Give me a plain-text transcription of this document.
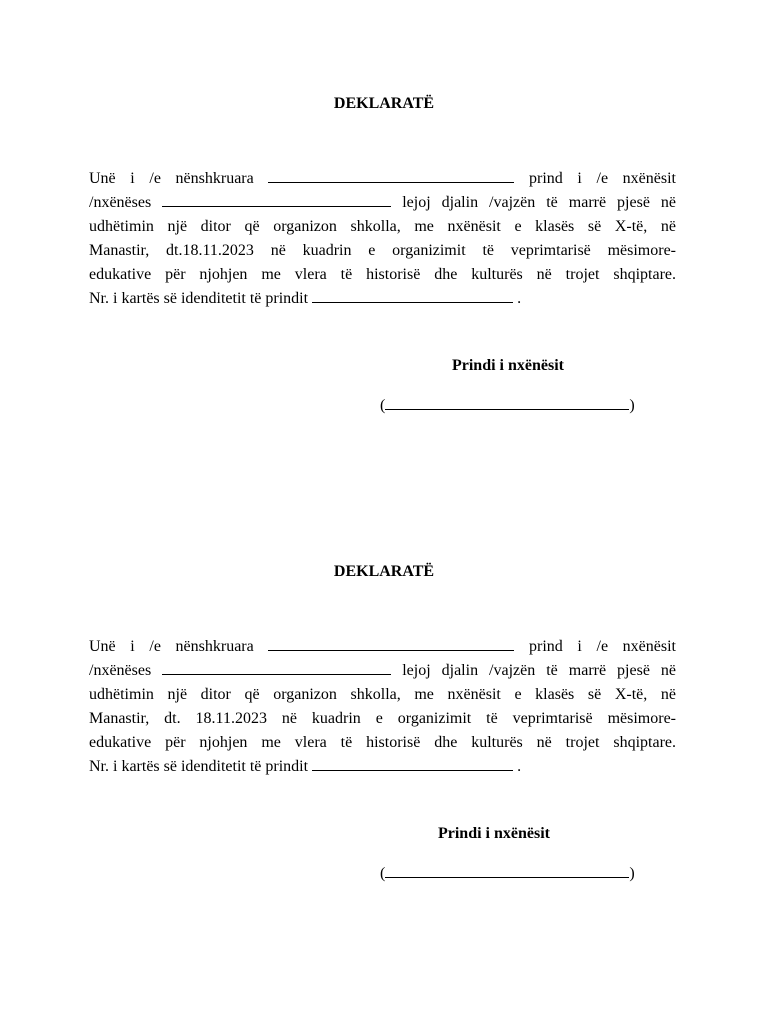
DEKLARATË
Unë i /e nënshkruara	prind i /e nxënësit
/nxënëses	lejoj djalin /vajzën të marrë pjesë në
udhëtimin një ditor që organizon shkolla, me nxënësit e klasës së X-të, në
Manastir, dt.18.11.2023 në kuadrin e organizimit të veprimtarisë mësimore-
edukative për njohjen me vlera të historisë dhe kulturës në trojet shqiptare.
Nr. i kartës së idenditetit të prindit	.
Prindi i nxënësit
(	)
DEKLARATË
Unë i /e nënshkruara	prind i /e nxënësit
/nxënëses	lejoj djalin /vajzën të marrë pjesë në
udhëtimin një ditor që organizon shkolla, me nxënësit e klasës së X-të, në
Manastir, dt. 18.11.2023 në kuadrin e organizimit të veprimtarisë mësimore-
edukative për njohjen me vlera të historisë dhe kulturës në trojet shqiptare.
Nr. i kartës së idenditetit të prindit	.
Prindi i nxënësit
(	)
